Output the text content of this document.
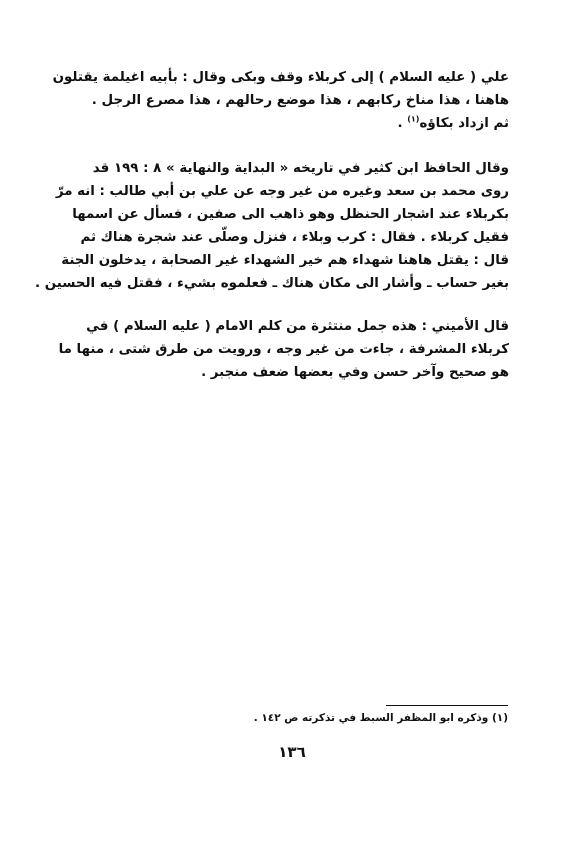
علي ( عليه السلام ) إلى كربلاء وقف وبكى وقال : بأبيه اغيلمة يقتلون
هاهنا ، هذا مناخ ركابهم ، هذا موضع رحالهم ، هذا مصرع الرجل .
ثم ازداد بكاؤه$^{(١)}$ .

وقال الحافظ ابن كثير في تاريخه « البداية والنهاية » ٨ : ١٩٩ قد
روى محمد بن سعد وغيره من غير وجه عن علي بن أبي طالب : انه مرّ
بكربلاء عند اشجار الحنظل وهو ذاهب الى صفين ، فسأل عن اسمها
فقيل كربلاء . فقال : كرب وبلاء ، فنزل وصلّى عند شجرة هناك ثم
قال : يقتل هاهنا شهداء هم خير الشهداء غير الصحابة ، يدخلون الجنة
بغير حساب ـ وأشار الى مكان هناك ـ فعلموه بشيء ، فقتل فيه الحسين .

قال الأميني : هذه جمل منتثرة من كلم الامام ( عليه السلام ) في
كربلاء المشرفة ، جاءت من غير وجه ، ورويت من طرق شتى ، منها ما
هو صحيح وآخر حسن وفي بعضها ضعف منجبر .

(١) وذكره ابو المظفر السبط في تذكرته ص ١٤٢ .
١٣٦
